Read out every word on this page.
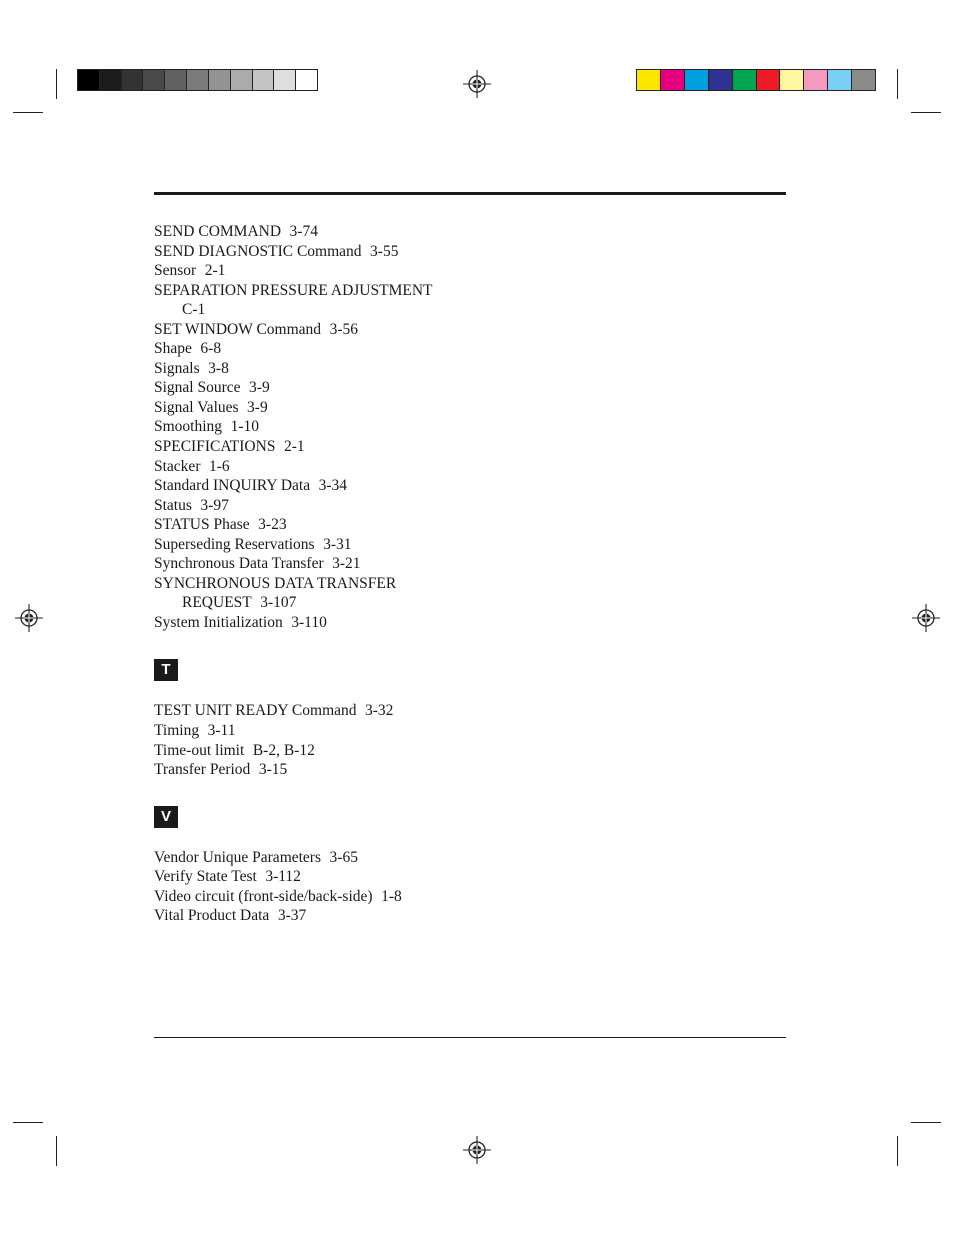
SEND COMMAND 3-74
SEND DIAGNOSTIC Command 3-55
Sensor 2-1
SEPARATION PRESSURE ADJUSTMENT
C-1
SET WINDOW Command 3-56
Shape 6-8
Signals 3-8
Signal Source 3-9
Signal Values 3-9
Smoothing 1-10
SPECIFICATIONS 2-1
Stacker 1-6
Standard INQUIRY Data 3-34
Status 3-97
STATUS Phase 3-23
Superseding Reservations 3-31
Synchronous Data Transfer 3-21
SYNCHRONOUS DATA TRANSFER
REQUEST 3-107
System Initialization 3-110
T
TEST UNIT READY Command 3-32
Timing 3-11
Time-out limit B-2, B-12
Transfer Period 3-15
V
Vendor Unique Parameters 3-65
Verify State Test 3-112
Video circuit (front-side/back-side) 1-8
Vital Product Data 3-37
